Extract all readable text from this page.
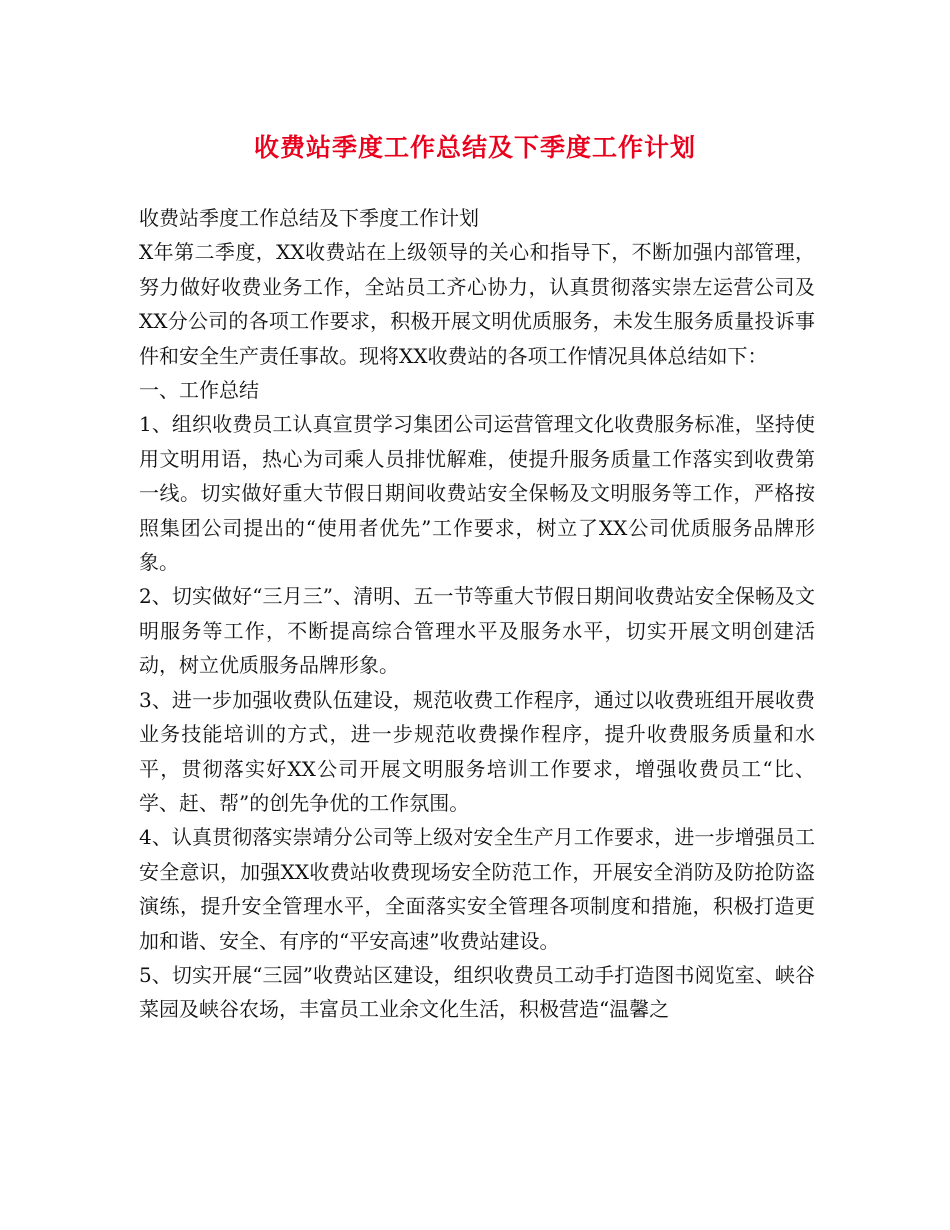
收费站季度工作总结及下季度工作计划

收费站季度工作总结及下季度工作计划

X年第二季度，XX收费站在上级领导的关心和指导下，不断加强内部管理，努力做好收费业务工作，全站员工齐心协力，认真贯彻落实崇左运营公司及XX分公司的各项工作要求，积极开展文明优质服务，未发生服务质量投诉事件和安全生产责任事故。现将XX收费站的各项工作情况具体总结如下：

一、工作总结

1、组织收费员工认真宣贯学习集团公司运营管理文化收费服务标准，坚持使用文明用语，热心为司乘人员排忧解难，使提升服务质量工作落实到收费第一线。切实做好重大节假日期间收费站安全保畅及文明服务等工作，严格按照集团公司提出的“使用者优先”工作要求，树立了XX公司优质服务品牌形象。

2、切实做好“三月三”、清明、五一节等重大节假日期间收费站安全保畅及文明服务等工作，不断提高综合管理水平及服务水平，切实开展文明创建活动，树立优质服务品牌形象。

3、进一步加强收费队伍建设，规范收费工作程序，通过以收费班组开展收费业务技能培训的方式，进一步规范收费操作程序，提升收费服务质量和水平，贯彻落实好XX公司开展文明服务培训工作要求，增强收费员工“比、学、赶、帮”的创先争优的工作氛围。

4、认真贯彻落实崇靖分公司等上级对安全生产月工作要求，进一步增强员工安全意识，加强XX收费站收费现场安全防范工作，开展安全消防及防抢防盗演练，提升安全管理水平，全面落实安全管理各项制度和措施，积极打造更加和谐、安全、有序的“平安高速”收费站建设。

5、切实开展“三园”收费站区建设，组织收费员工动手打造图书阅览室、峡谷菜园及峡谷农场，丰富员工业余文化生活，积极营造“温馨之
